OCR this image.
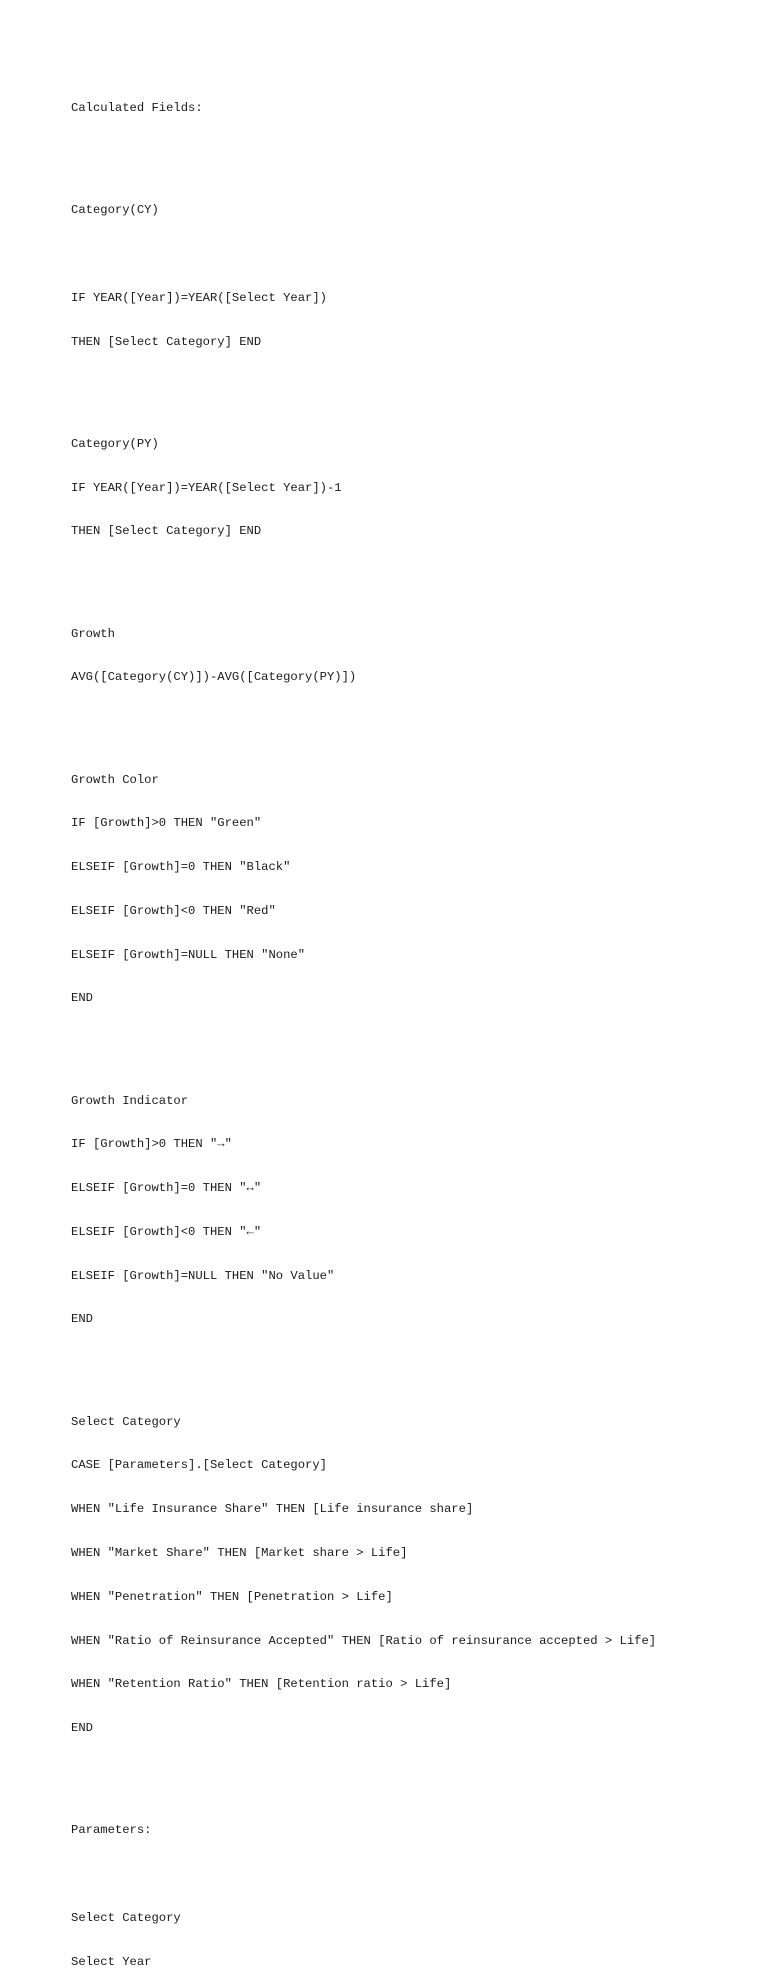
Calculated Fields:

Category(CY)

IF YEAR([Year])=YEAR([Select Year])

THEN [Select Category] END

Category(PY)

IF YEAR([Year])=YEAR([Select Year])-1

THEN [Select Category] END

Growth

AVG([Category(CY)])-AVG([Category(PY)])

Growth Color

IF [Growth]>0 THEN "Green"

ELSEIF [Growth]=0 THEN "Black"

ELSEIF [Growth]<0 THEN "Red"

ELSEIF [Growth]=NULL THEN "None"

END

Growth Indicator

IF [Growth]>0 THEN "→"

ELSEIF [Growth]=0 THEN "↔"

ELSEIF [Growth]<0 THEN "←"

ELSEIF [Growth]=NULL THEN "No Value"

END

Select Category

CASE [Parameters].[Select Category]

WHEN "Life Insurance Share" THEN [Life insurance share]

WHEN "Market Share" THEN [Market share > Life]

WHEN "Penetration" THEN [Penetration > Life]

WHEN "Ratio of Reinsurance Accepted" THEN [Ratio of reinsurance accepted > Life]

WHEN "Retention Ratio" THEN [Retention ratio > Life]

END

Parameters:

Select Category

Select Year
